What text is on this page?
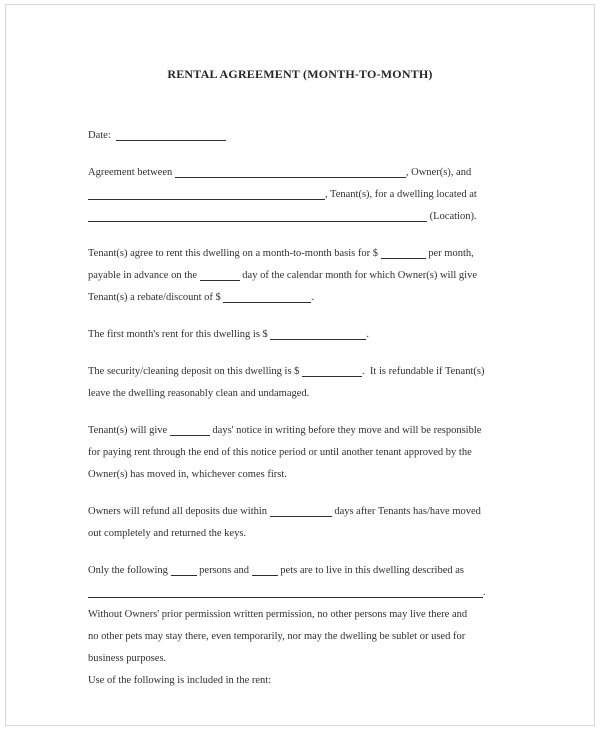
RENTAL AGREEMENT (MONTH-TO-MONTH)
Date:
Agreement between	, Owner(s), and
, Tenant(s), for a dwelling located at
(Location).
Tenant(s) agree to rent this dwelling on a month-to-month basis for $	per month,
payable in advance on the	day of the calendar month for which Owner(s) will give
Tenant(s) a rebate/discount of $	.
The first month's rent for this dwelling is $	.
The security/cleaning deposit on this dwelling is $	.  It is refundable if Tenant(s)
leave the dwelling reasonably clean and undamaged.
Tenant(s) will give	days' notice in writing before they move and will be responsible
for paying rent through the end of this notice period or until another tenant approved by the
Owner(s) has moved in, whichever comes first.
Owners will refund all deposits due within	days after Tenants has/have moved
out completely and returned the keys.
Only the following  persons and  pets are to live in this dwelling described as
.
Without Owners' prior permission written permission, no other persons may live there and
no other pets may stay there, even temporarily, nor may the dwelling be sublet or used for
business purposes.
Use of the following is included in the rent:
